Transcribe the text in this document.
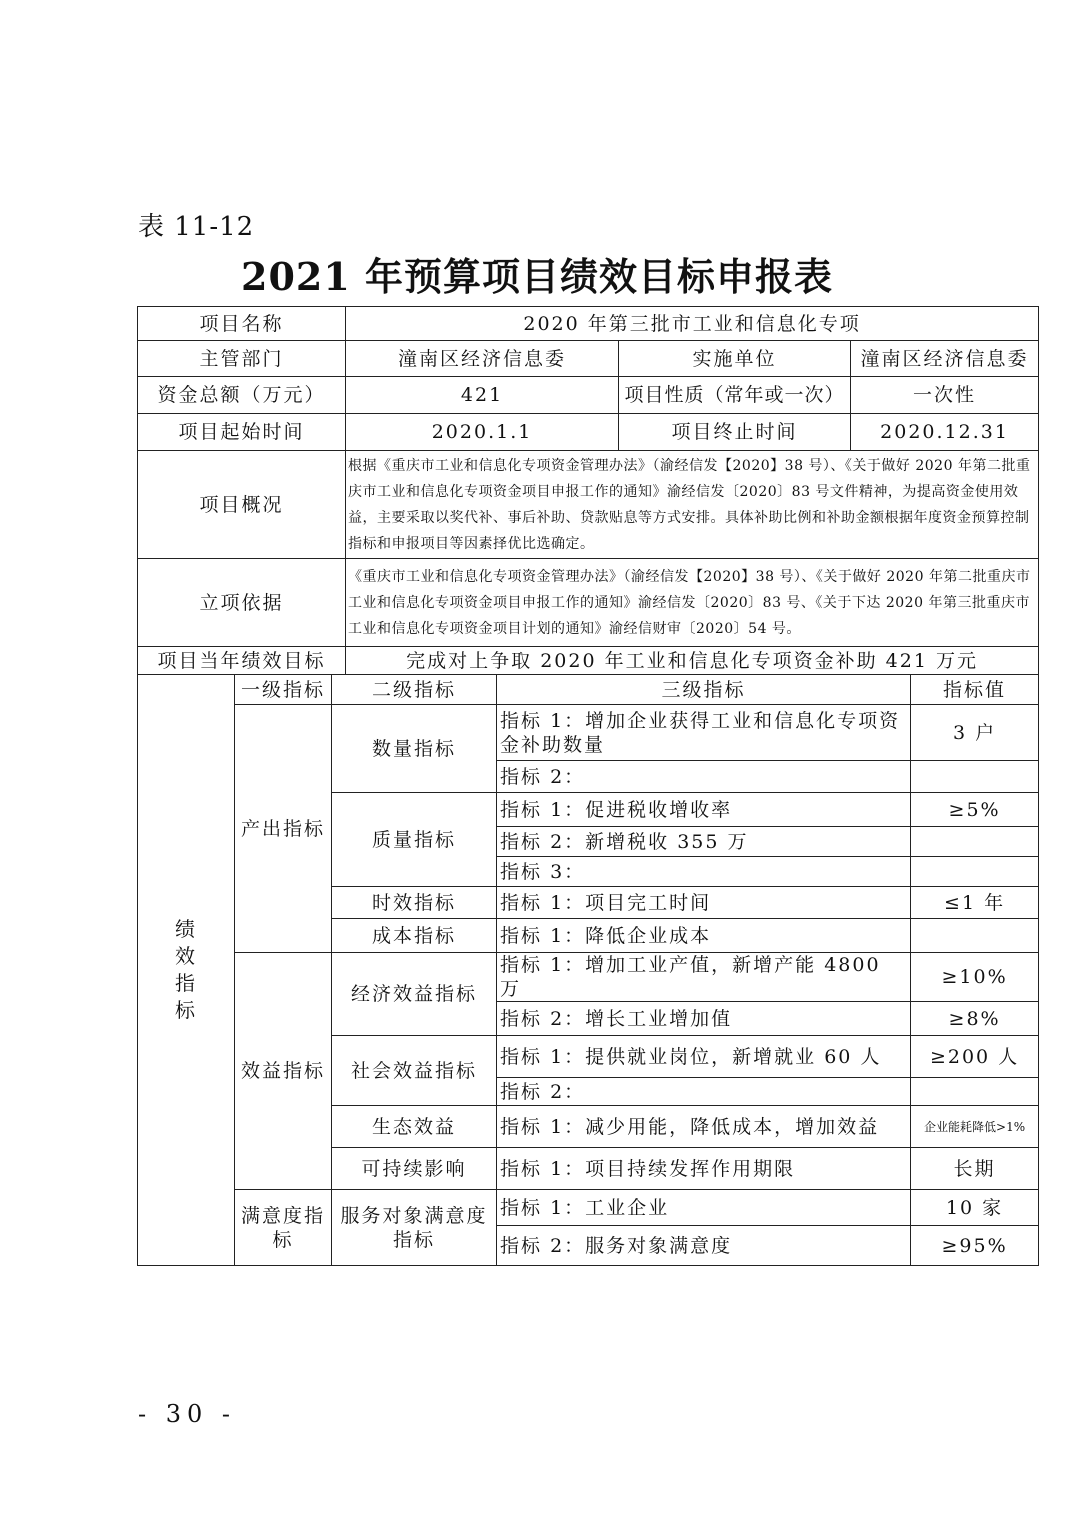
表 11-12
2021 年预算项目绩效目标申报表
项目名称			2020 年第三批市工业和信息化专项				
主管部门			潼南区经济信息委		实施单位	潼南区经济信息委	
资金总额（万元）			421		项目性质（常年或一次）	一次性	
项目起始时间			2020.1.1		项目终止时间	2020.12.31	
项目概况			根据《重庆市工业和信息化专项资金管理办法》（渝经信发【2020】38 号）、《关于做好 2020 年第二批重庆市工业和信息化专项资金项目申报工作的通知》渝经信发〔2020〕83 号文件精神，为提高资金使用效益，主要采取以奖代补、事后补助、贷款贴息等方式安排。具体补助比例和补助金额根据年度资金预算控制指标和申报项目等因素择优比选确定。				
立项依据			《重庆市工业和信息化专项资金管理办法》（渝经信发【2020】38 号）、《关于做好 2020 年第二批重庆市工业和信息化专项资金项目申报工作的通知》渝经信发〔2020〕83 号、《关于下达 2020 年第三批重庆市工业和信息化专项资金项目计划的通知》渝经信财审〔2020〕54 号。				
项目当年绩效目标			完成对上争取 2020 年工业和信息化专项资金补助 421 万元				

绩
效
指
标	一级指标	二级指标		三级指标			指标值
	产出指标	数量指标		指标 1：增加企业获得工业和信息化专项资金补助数量			3 户
				指标 2：			
		质量指标		指标 1：促进税收增收率			≥5%
				指标 2：新增税收 355 万			
				指标 3：			
		时效指标		指标 1：项目完工时间			≤1 年
		成本指标		指标 1：降低企业成本			
	效益指标	经济效益指标		指标 1：增加工业产值，新增产能 4800 万			≥10%
				指标 2：增长工业增加值			≥8%
		社会效益指标		指标 1：提供就业岗位，新增就业 60 人			≥200 人
				指标 2：			
		生态效益		指标 1：减少用能，降低成本，增加效益			企业能耗降低>1%
		可持续影响		指标 1：项目持续发挥作用期限			长期
	满意度指标	服务对象满意度指标		指标 1：工业企业			10 家
				指标 2：服务对象满意度			≥95%
- 30 -
